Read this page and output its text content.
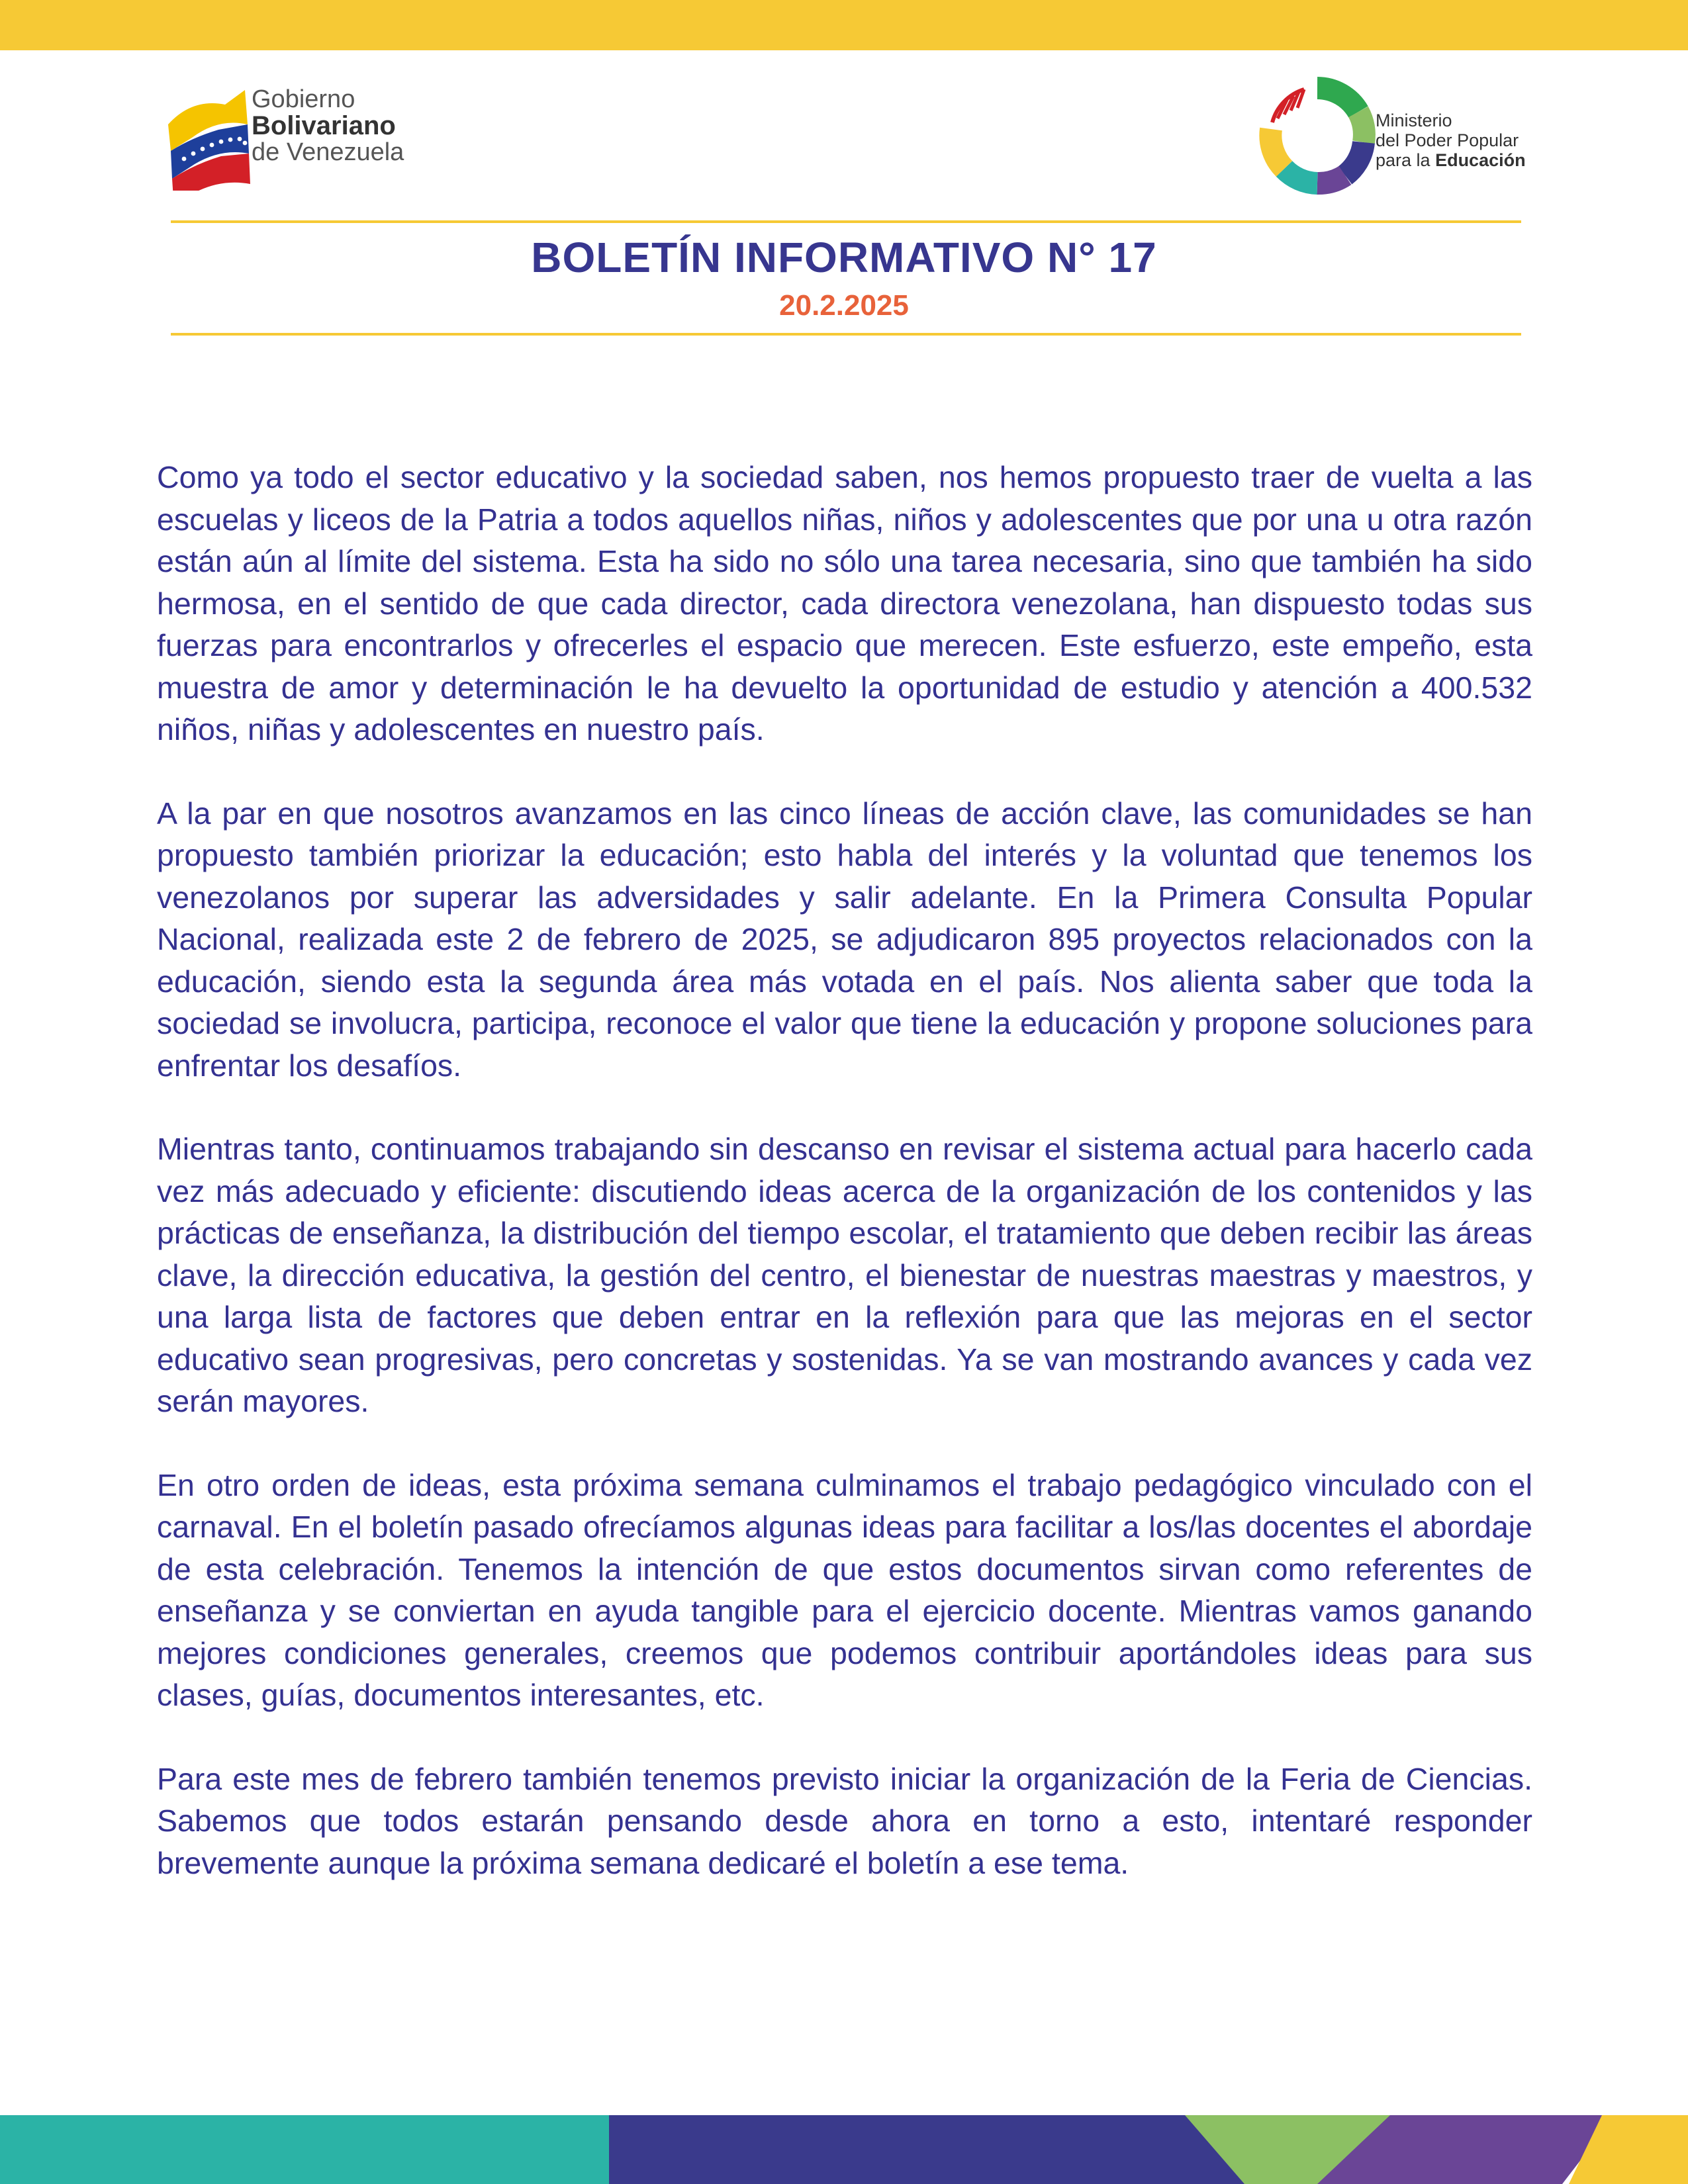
Gobierno
Bolivariano
de Venezuela
Ministerio
del Poder Popular
para la Educación
BOLETÍN INFORMATIVO N° 17
20.2.2025

Como ya todo el sector educativo y la sociedad saben, nos hemos propuesto traer de vuelta a las escuelas y liceos de la Patria a todos aquellos niñas, niños y adolescentes que por una u otra razón están aún al límite del sistema. Esta ha sido no sólo una tarea necesaria, sino que también ha sido hermosa, en el sentido de que cada director, cada directora venezolana, han dispuesto todas sus fuerzas para encontrarlos y ofrecerles el espacio que merecen. Este esfuerzo, este empeño, esta muestra de amor y determinación le ha devuelto la oportunidad de estudio y atención a 400.532 niños, niñas y adolescentes en nuestro país.

A la par en que nosotros avanzamos en las cinco líneas de acción clave, las comunidades se han propuesto también priorizar la educación; esto habla del interés y la voluntad que tenemos los venezolanos por superar las adversidades y salir adelante. En la Primera Consulta Popular Nacional, realizada este 2 de febrero de 2025, se adjudicaron 895 proyectos relacionados con la educación, siendo esta la segunda área más votada en el país. Nos alienta saber que toda la sociedad se involucra, participa, reconoce el valor que tiene la educación y propone soluciones para enfrentar los desafíos.

Mientras tanto, continuamos trabajando sin descanso en revisar el sistema actual para hacerlo cada vez más adecuado y eficiente: discutiendo ideas acerca de la organización de los contenidos y las prácticas de enseñanza, la distribución del tiempo escolar, el tratamiento que deben recibir las áreas clave, la dirección educativa, la gestión del centro, el bienestar de nuestras maestras y maestros, y una larga lista de factores que deben entrar en la reflexión para que las mejoras en el sector educativo sean progresivas, pero concretas y sostenidas. Ya se van mostrando avances y cada vez serán mayores.

En otro orden de ideas, esta próxima semana culminamos el trabajo pedagógico vinculado con el carnaval. En el boletín pasado ofrecíamos algunas ideas para facilitar a los/las docentes el abordaje de esta celebración. Tenemos la intención de que estos documentos sirvan como referentes de enseñanza y se conviertan en ayuda tangible para el ejercicio docente. Mientras vamos ganando mejores condiciones generales, creemos que podemos contribuir aportándoles ideas para sus clases, guías, documentos interesantes, etc.

Para este mes de febrero también tenemos previsto iniciar la organización de la Feria de Ciencias. Sabemos que todos estarán pensando desde ahora en torno a esto, intentaré responder brevemente aunque la próxima semana dedicaré el boletín a ese tema.
